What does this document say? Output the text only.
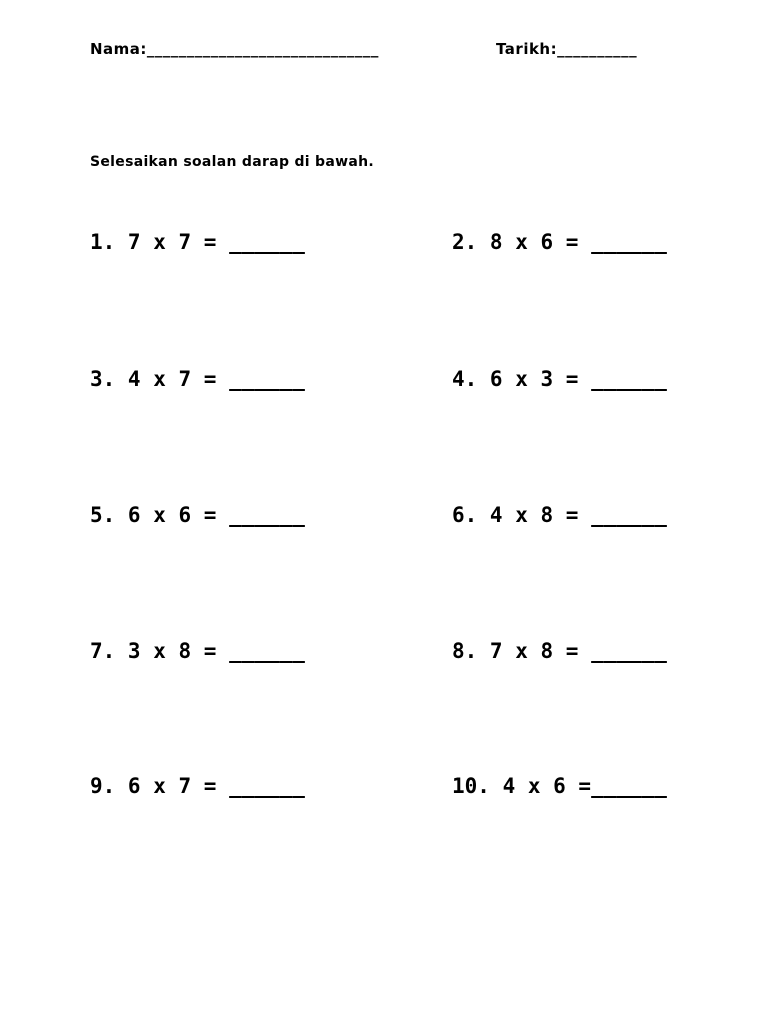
Nama:_____________________________	Tarikh:__________
Selesaikan soalan darap di bawah.
1. 7 x 7 = ______	2. 8 x 6 = ______
3. 4 x 7 = ______	4. 6 x 3 = ______
5. 6 x 6 = ______	6. 4 x 8 = ______
7. 3 x 8 = ______	8. 7 x 8 = ______
9. 6 x 7 = ______	10. 4 x 6 =______
